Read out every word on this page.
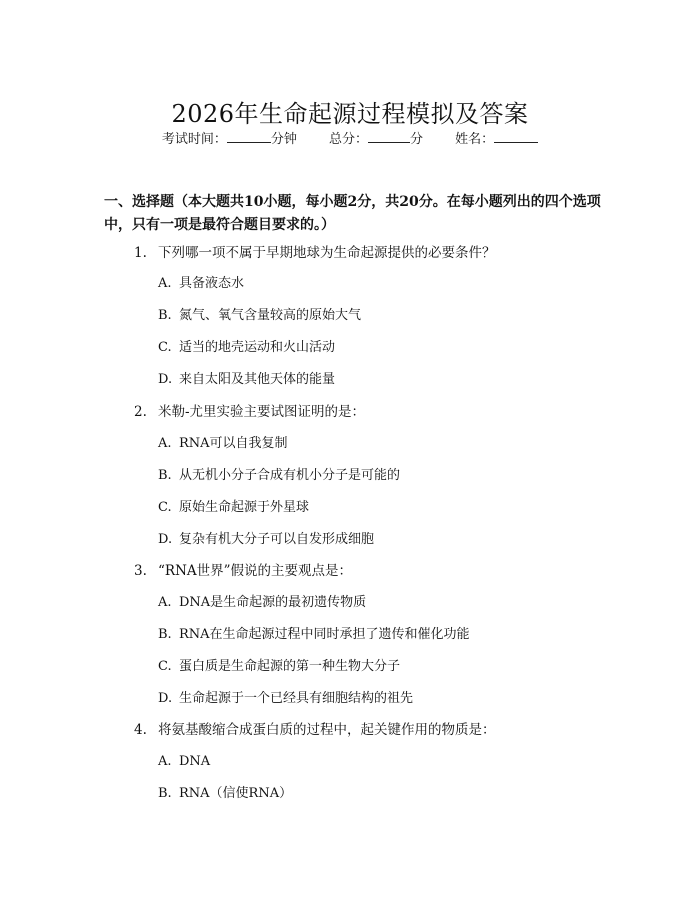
2026年生命起源过程模拟及答案
考试时间：	分钟 总分：	分 姓名：
一、选择题（本大题共10小题，每小题2分，共20分。在每小题列出的四个选项中，只有一项是最符合题目要求的。）
1. 下列哪一项不属于早期地球为生命起源提供的必要条件？
A. 具备液态水
B. 氮气、氧气含量较高的原始大气
C. 适当的地壳运动和火山活动
D. 来自太阳及其他天体的能量
2. 米勒-尤里实验主要试图证明的是：
A. RNA可以自我复制
B. 从无机小分子合成有机小分子是可能的
C. 原始生命起源于外星球
D. 复杂有机大分子可以自发形成细胞
3. “RNA世界”假说的主要观点是：
A. DNA是生命起源的最初遗传物质
B. RNA在生命起源过程中同时承担了遗传和催化功能
C. 蛋白质是生命起源的第一种生物大分子
D. 生命起源于一个已经具有细胞结构的祖先
4. 将氨基酸缩合成蛋白质的过程中，起关键作用的物质是：
A. DNA
B. RNA（信使RNA）
